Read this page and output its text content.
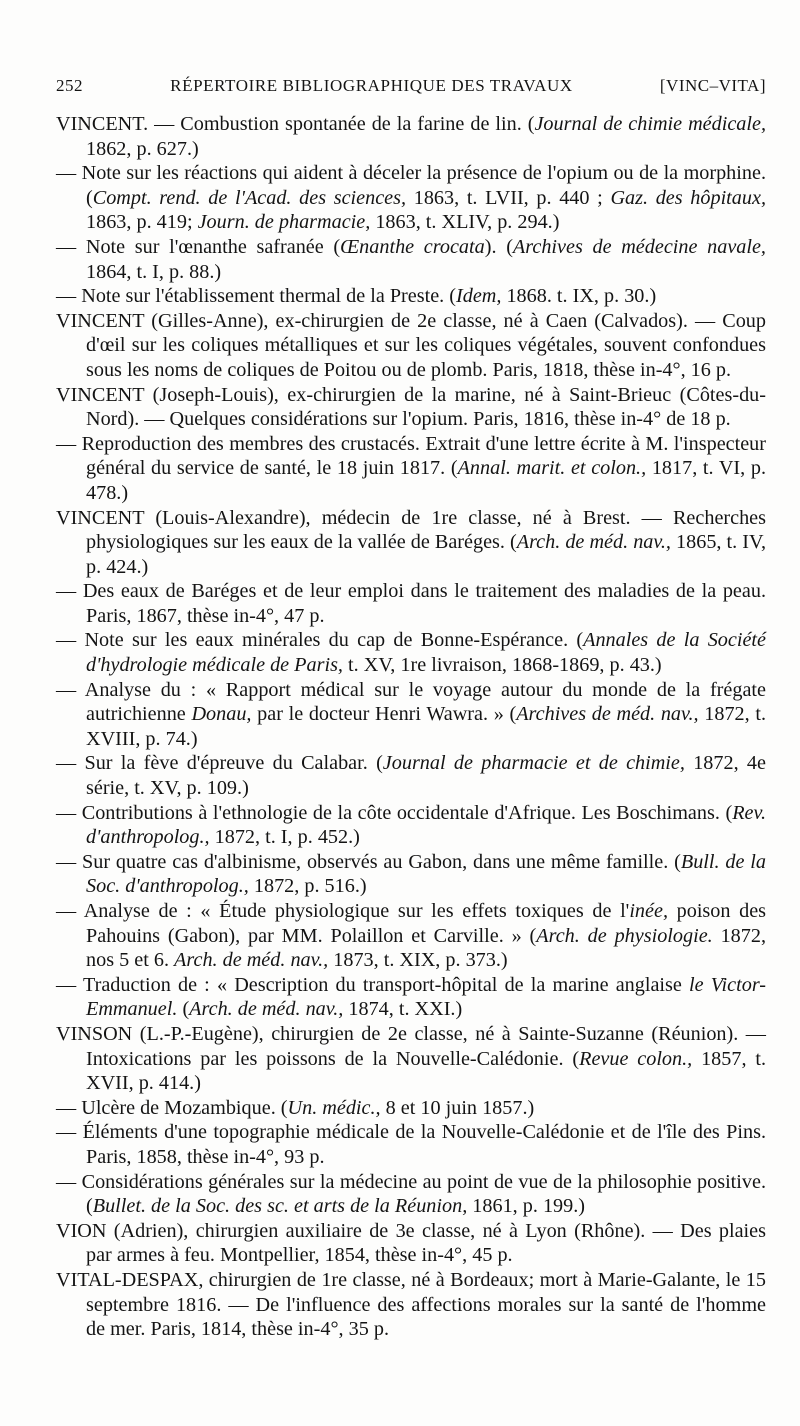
252	RÉPERTOIRE BIBLIOGRAPHIQUE DES TRAVAUX	[VINC–VITA]

VINCENT. — Combustion spontanée de la farine de lin. (Journal de chimie médicale, 1862, p. 627.)

— Note sur les réactions qui aident à déceler la présence de l'opium ou de la morphine. (Compt. rend. de l'Acad. des sciences, 1863, t. LVII, p. 440 ; Gaz. des hôpitaux, 1863, p. 419; Journ. de pharmacie, 1863, t. XLIV, p. 294.)

— Note sur l'œnanthe safranée (Œnanthe crocata). (Archives de médecine navale, 1864, t. I, p. 88.)

— Note sur l'établissement thermal de la Preste. (Idem, 1868. t. IX, p. 30.)

VINCENT (Gilles-Anne), ex-chirurgien de 2e classe, né à Caen (Calvados). — Coup d'œil sur les coliques métalliques et sur les coliques végétales, souvent confondues sous les noms de coliques de Poitou ou de plomb. Paris, 1818, thèse in-4°, 16 p.

VINCENT (Joseph-Louis), ex-chirurgien de la marine, né à Saint-Brieuc (Côtes-du-Nord). — Quelques considérations sur l'opium. Paris, 1816, thèse in-4° de 18 p.

— Reproduction des membres des crustacés. Extrait d'une lettre écrite à M. l'inspecteur général du service de santé, le 18 juin 1817. (Annal. marit. et colon., 1817, t. VI, p. 478.)

VINCENT (Louis-Alexandre), médecin de 1re classe, né à Brest. — Recherches physiologiques sur les eaux de la vallée de Baréges. (Arch. de méd. nav., 1865, t. IV, p. 424.)

— Des eaux de Baréges et de leur emploi dans le traitement des maladies de la peau. Paris, 1867, thèse in-4°, 47 p.

— Note sur les eaux minérales du cap de Bonne-Espérance. (Annales de la Société d'hydrologie médicale de Paris, t. XV, 1re livraison, 1868-1869, p. 43.)

— Analyse du : « Rapport médical sur le voyage autour du monde de la frégate autrichienne Donau, par le docteur Henri Wawra. » (Archives de méd. nav., 1872, t. XVIII, p. 74.)

— Sur la fève d'épreuve du Calabar. (Journal de pharmacie et de chimie, 1872, 4e série, t. XV, p. 109.)

— Contributions à l'ethnologie de la côte occidentale d'Afrique. Les Boschimans. (Rev. d'anthropolog., 1872, t. I, p. 452.)

— Sur quatre cas d'albinisme, observés au Gabon, dans une même famille. (Bull. de la Soc. d'anthropolog., 1872, p. 516.)

— Analyse de : « Étude physiologique sur les effets toxiques de l'inée, poison des Pahouins (Gabon), par MM. Polaillon et Carville. » (Arch. de physiologie. 1872, nos 5 et 6. Arch. de méd. nav., 1873, t. XIX, p. 373.)

— Traduction de : « Description du transport-hôpital de la marine anglaise le Victor-Emmanuel. (Arch. de méd. nav., 1874, t. XXI.)

VINSON (L.-P.-Eugène), chirurgien de 2e classe, né à Sainte-Suzanne (Réunion). — Intoxications par les poissons de la Nouvelle-Calédonie. (Revue colon., 1857, t. XVII, p. 414.)

— Ulcère de Mozambique. (Un. médic., 8 et 10 juin 1857.)

— Éléments d'une topographie médicale de la Nouvelle-Calédonie et de l'île des Pins. Paris, 1858, thèse in-4°, 93 p.

— Considérations générales sur la médecine au point de vue de la philosophie positive. (Bullet. de la Soc. des sc. et arts de la Réunion, 1861, p. 199.)

VION (Adrien), chirurgien auxiliaire de 3e classe, né à Lyon (Rhône). — Des plaies par armes à feu. Montpellier, 1854, thèse in-4°, 45 p.

VITAL-DESPAX, chirurgien de 1re classe, né à Bordeaux; mort à Marie-Galante, le 15 septembre 1816. — De l'influence des affections morales sur la santé de l'homme de mer. Paris, 1814, thèse in-4°, 35 p.
